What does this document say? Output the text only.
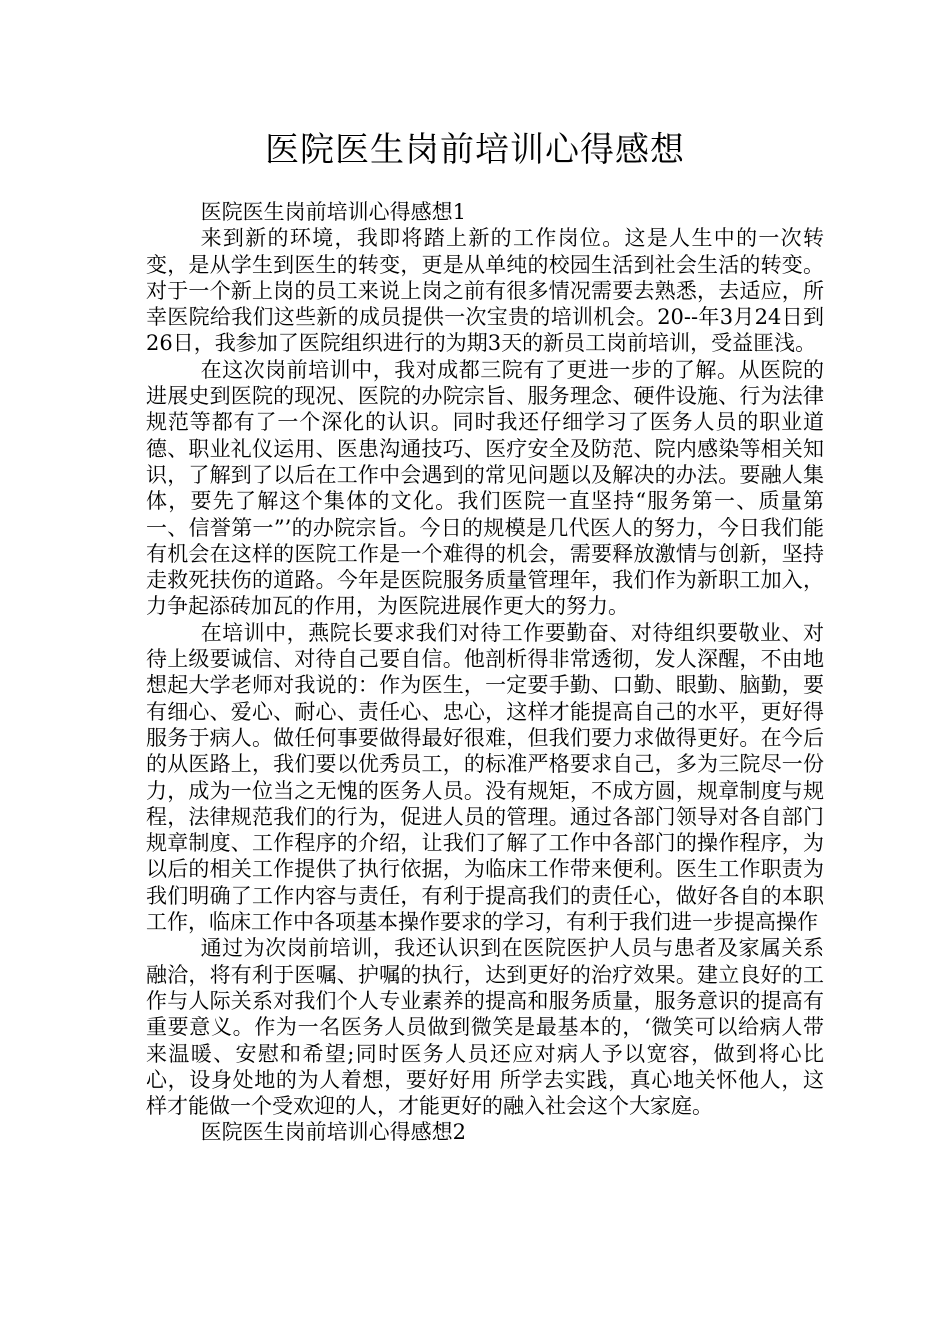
医院医生岗前培训心得感想

医院医生岗前培训心得感想1

来到新的环境，我即将踏上新的工作岗位。这是人生中的一次转变，是从学生到医生的转变，更是从单纯的校园生活到社会生活的转变。对于一个新上岗的员工来说上岗之前有很多情况需要去熟悉，去适应，所幸医院给我们这些新的成员提供一次宝贵的培训机会。20--年3月24日到26日，我参加了医院组织进行的为期3天的新员工岗前培训，受益匪浅。

在这次岗前培训中，我对成都三院有了更进一步的了解。从医院的进展史到医院的现况、医院的办院宗旨、服务理念、硬件设施、行为法律规范等都有了一个深化的认识。同时我还仔细学习了医务人员的职业道德、职业礼仪运用、医患沟通技巧、医疗安全及防范、院内感染等相关知识，了解到了以后在工作中会遇到的常见问题以及解决的办法。要融人集体，要先了解这个集体的文化。我们医院一直坚持“服务第一、质量第一、信誉第一”’的办院宗旨。今日的规模是几代医人的努力，今日我们能有机会在这样的医院工作是一个难得的机会，需要释放激情与创新，坚持走救死扶伤的道路。今年是医院服务质量管理年，我们作为新职工加入，力争起添砖加瓦的作用，为医院进展作更大的努力。

在培训中，燕院长要求我们对待工作要勤奋、对待组织要敬业、对待上级要诚信、对待自己要自信。他剖析得非常透彻，发人深醒，不由地想起大学老师对我说的：作为医生，一定要手勤、口勤、眼勤、脑勤，要有细心、爱心、耐心、责任心、忠心，这样才能提高自己的水平，更好得服务于病人。做任何事要做得最好很难，但我们要力求做得更好。在今后的从医路上，我们要以优秀员工，的标准严格要求自己，多为三院尽一份力，成为一位当之无愧的医务人员。没有规矩，不成方圆，规章制度与规程，法律规范我们的行为，促进人员的管理。通过各部门领导对各自部门规章制度、工作程序的介绍，让我们了解了工作中各部门的操作程序，为以后的相关工作提供了执行依据，为临床工作带来便利。医生工作职责为我们明确了工作内容与责任，有利于提高我们的责任心，做好各自的本职工作，临床工作中各项基本操作要求的学习，有利于我们进一步提高操作

通过为次岗前培训，我还认识到在医院医护人员与患者及家属关系融洽，将有利于医嘱、护嘱的执行，达到更好的治疗效果。建立良好的工作与人际关系对我们个人专业素养的提高和服务质量，服务意识的提高有重要意义。作为一名医务人员做到微笑是最基本的，‘微笑可以给病人带来温暖、安慰和希望;同时医务人员还应对病人予以宽容，做到将心比心，设身处地的为人着想，要好好用 所学去实践，真心地关怀他人，这样才能做一个受欢迎的人，才能更好的融入社会这个大家庭。

医院医生岗前培训心得感想2
